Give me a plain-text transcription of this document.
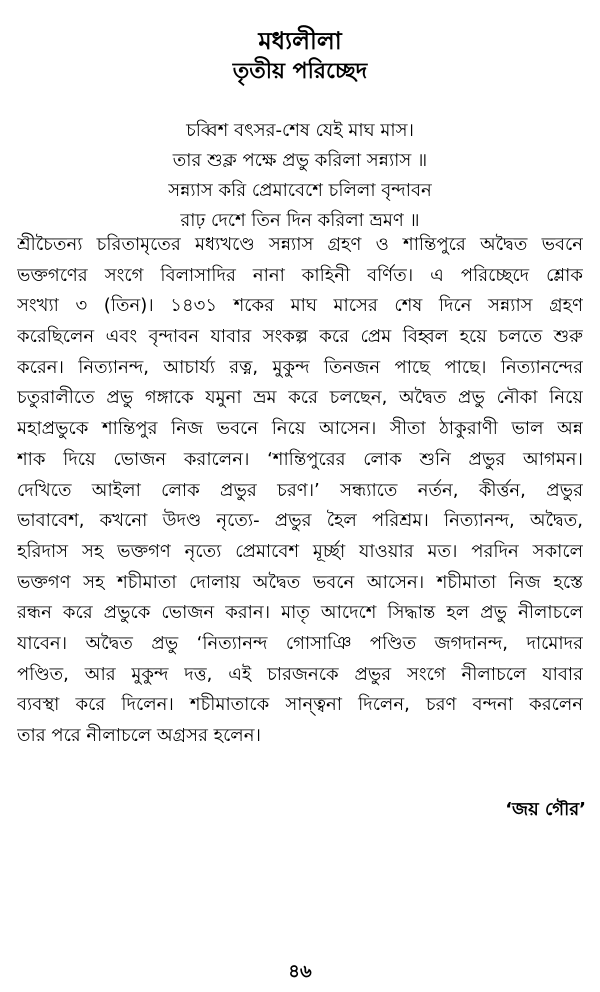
মধ্যলীলা
তৃতীয় পরিচ্ছেদ
চব্বিশ বৎসর-শেষ যেই মাঘ মাস।
তার শুক্ল পক্ষে প্রভু করিলা সন্ন্যাস ॥
সন্ন্যাস করি প্রেমাবেশে চলিলা বৃন্দাবন
রাঢ় দেশে তিন দিন করিলা ভ্রমণ ॥
শ্রীচৈতন্য চরিতামৃতের মধ্যখণ্ডে সন্ন্যাস গ্রহণ ও শান্তিপুরে অদ্বৈত ভবনে
ভক্তগণের সংগে বিলাসাদির নানা কাহিনী বর্ণিত। এ পরিচ্ছেদে শ্লোক
সংখ্যা ৩ (তিন)। ১৪৩১ শকের মাঘ মাসের শেষ দিনে সন্ন্যাস গ্রহণ
করেছিলেন এবং বৃন্দাবন যাবার সংকল্প করে প্রেম বিহ্বল হয়ে চলতে শুরু
করেন। নিত্যানন্দ, আচার্য্য রত্ন, মুকুন্দ তিনজন পাছে পাছে। নিত্যানন্দের
চতুরালীতে প্রভু গঙ্গাকে যমুনা ভ্রম করে চলছেন, অদ্বৈত প্রভু নৌকা নিয়ে
মহাপ্রভুকে শান্তিপুর নিজ ভবনে নিয়ে আসেন। সীতা ঠাকুরাণী ভাল অন্ন
শাক দিয়ে ভোজন করালেন। ‘শান্তিপুরের লোক শুনি প্রভুর আগমন।
দেখিতে আইলা লোক প্রভুর চরণ।’ সন্ধ্যাতে নর্তন, কীর্ত্তন, প্রভুর
ভাবাবেশ, কখনো উদণ্ড নৃত্যে- প্রভুর হৈল পরিশ্রম। নিত্যানন্দ, অদ্বৈত,
হরিদাস সহ ভক্তগণ নৃত্যে প্রেমাবেশ মূর্চ্ছা যাওয়ার মত। পরদিন সকালে
ভক্তগণ সহ শচীমাতা দোলায় অদ্বৈত ভবনে আসেন। শচীমাতা নিজ হস্তে
রন্ধন করে প্রভুকে ভোজন করান। মাতৃ আদেশে সিদ্ধান্ত হল প্রভু নীলাচলে
যাবেন। অদ্বৈত প্রভু ‘নিত্যানন্দ গোসাঞি পণ্ডিত জগদানন্দ, দামোদর
পণ্ডিত, আর মুকুন্দ দত্ত, এই চারজনকে প্রভুর সংগে নীলাচলে যাবার
ব্যবস্থা করে দিলেন। শচীমাতাকে সান্ত্বনা দিলেন, চরণ বন্দনা করলেন
তার পরে নীলাচলে অগ্রসর হলেন।
‘জয় গৌর’
৪৬
